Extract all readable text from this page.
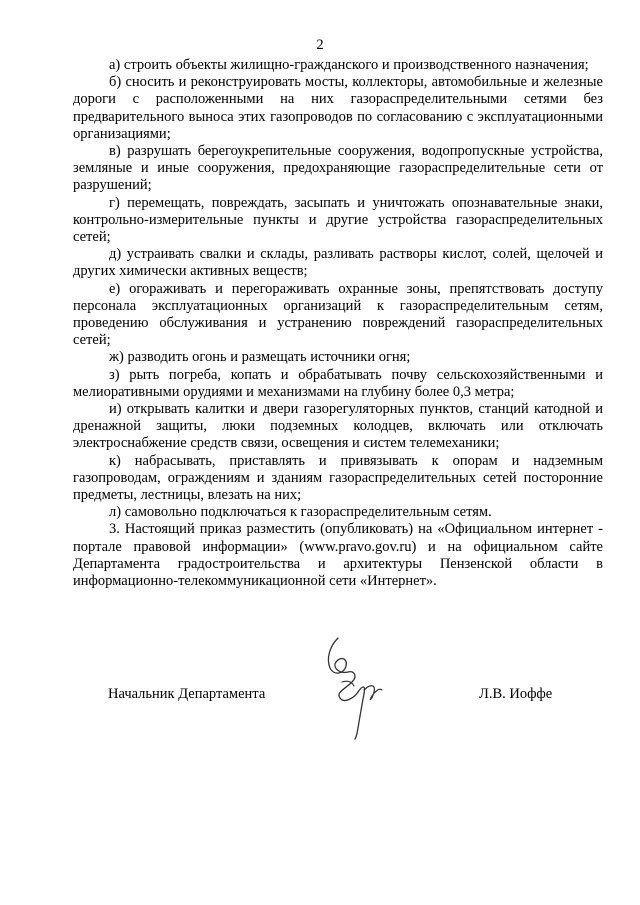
2

а) строить объекты жилищно-гражданского и производственного назначения;

б) сносить и реконструировать мосты, коллекторы, автомобильные и железные дороги с расположенными на них газораспределительными сетями без предварительного выноса этих газопроводов по согласованию с эксплуатационными организациями;

в) разрушать берегоукрепительные сооружения, водопропускные устройства, земляные и иные сооружения, предохраняющие газораспределительные сети от разрушений;

г) перемещать, повреждать, засыпать и уничтожать опознавательные знаки, контрольно-измерительные пункты и другие устройства газораспределительных сетей;

д) устраивать свалки и склады, разливать растворы кислот, солей, щелочей и других химически активных веществ;

е) огораживать и перегораживать охранные зоны, препятствовать доступу персонала эксплуатационных организаций к газораспределительным сетям, проведению обслуживания и устранению повреждений газораспределительных сетей;

ж) разводить огонь и размещать источники огня;

з) рыть погреба, копать и обрабатывать почву сельскохозяйственными и мелиоративными орудиями и механизмами на глубину более 0,3 метра;

и) открывать калитки и двери газорегуляторных пунктов, станций катодной и дренажной защиты, люки подземных колодцев, включать или отключать электроснабжение средств связи, освещения и систем телемеханики;

к) набрасывать, приставлять и привязывать к опорам и надземным газопроводам, ограждениям и зданиям газораспределительных сетей посторонние предметы, лестницы, влезать на них;

л) самовольно подключаться к газораспределительным сетям.

3. Настоящий приказ разместить (опубликовать) на «Официальном интернет - портале правовой информации» (www.pravo.gov.ru) и на официальном сайте Департамента градостроительства и архитектуры Пензенской области в информационно-телекоммуникационной сети «Интернет».

Начальник Департамента	Л.В. Иоффе
